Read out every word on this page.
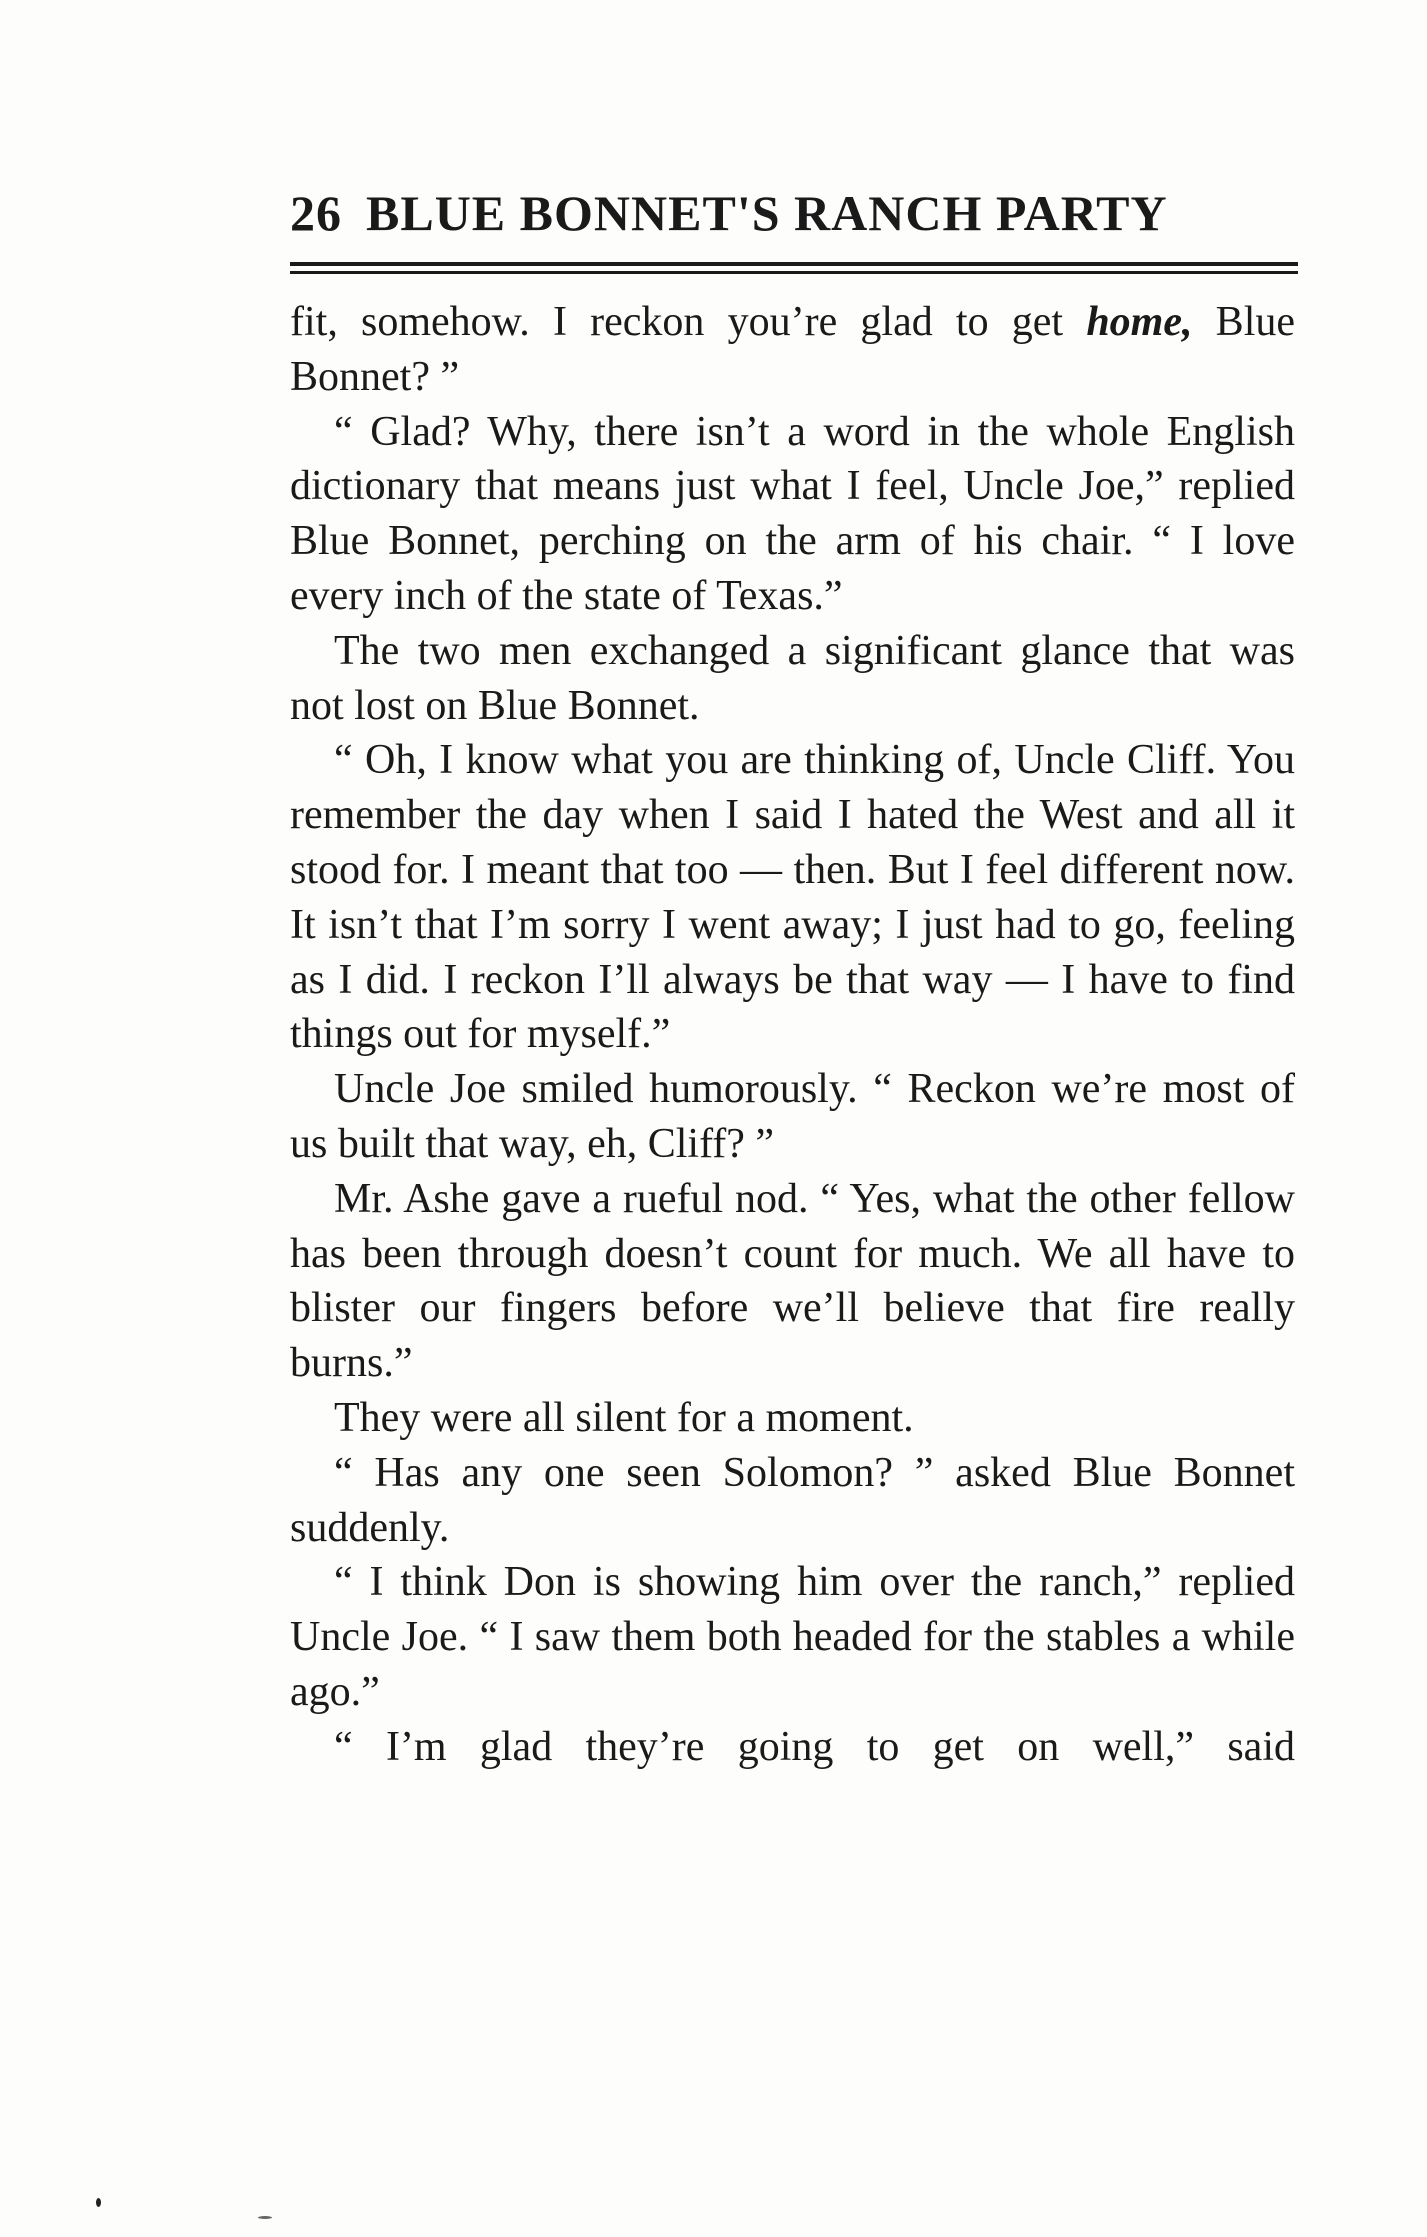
26 BLUE BONNET'S RANCH PARTY

fit, somehow. I reckon you’re glad to get home, Blue Bonnet? ”

“ Glad? Why, there isn’t a word in the whole English dictionary that means just what I feel, Uncle Joe,” replied Blue Bonnet, perching on the arm of his chair. “ I love every inch of the state of Texas.”

The two men exchanged a significant glance that was not lost on Blue Bonnet.

“ Oh, I know what you are thinking of, Uncle Cliff. You remember the day when I said I hated the West and all it stood for. I meant that too — then. But I feel different now. It isn’t that I’m sorry I went away; I just had to go, feeling as I did. I reckon I’ll always be that way — I have to find things out for myself.”

Uncle Joe smiled humorously. “ Reckon we’re most of us built that way, eh, Cliff? ”

Mr. Ashe gave a rueful nod. “ Yes, what the other fellow has been through doesn’t count for much. We all have to blister our fingers before we’ll believe that fire really burns.”

They were all silent for a moment.

“ Has any one seen Solomon? ” asked Blue Bonnet suddenly.

“ I think Don is showing him over the ranch,” replied Uncle Joe. “ I saw them both headed for the stables a while ago.”

“ I’m glad they’re going to get on well,” said
